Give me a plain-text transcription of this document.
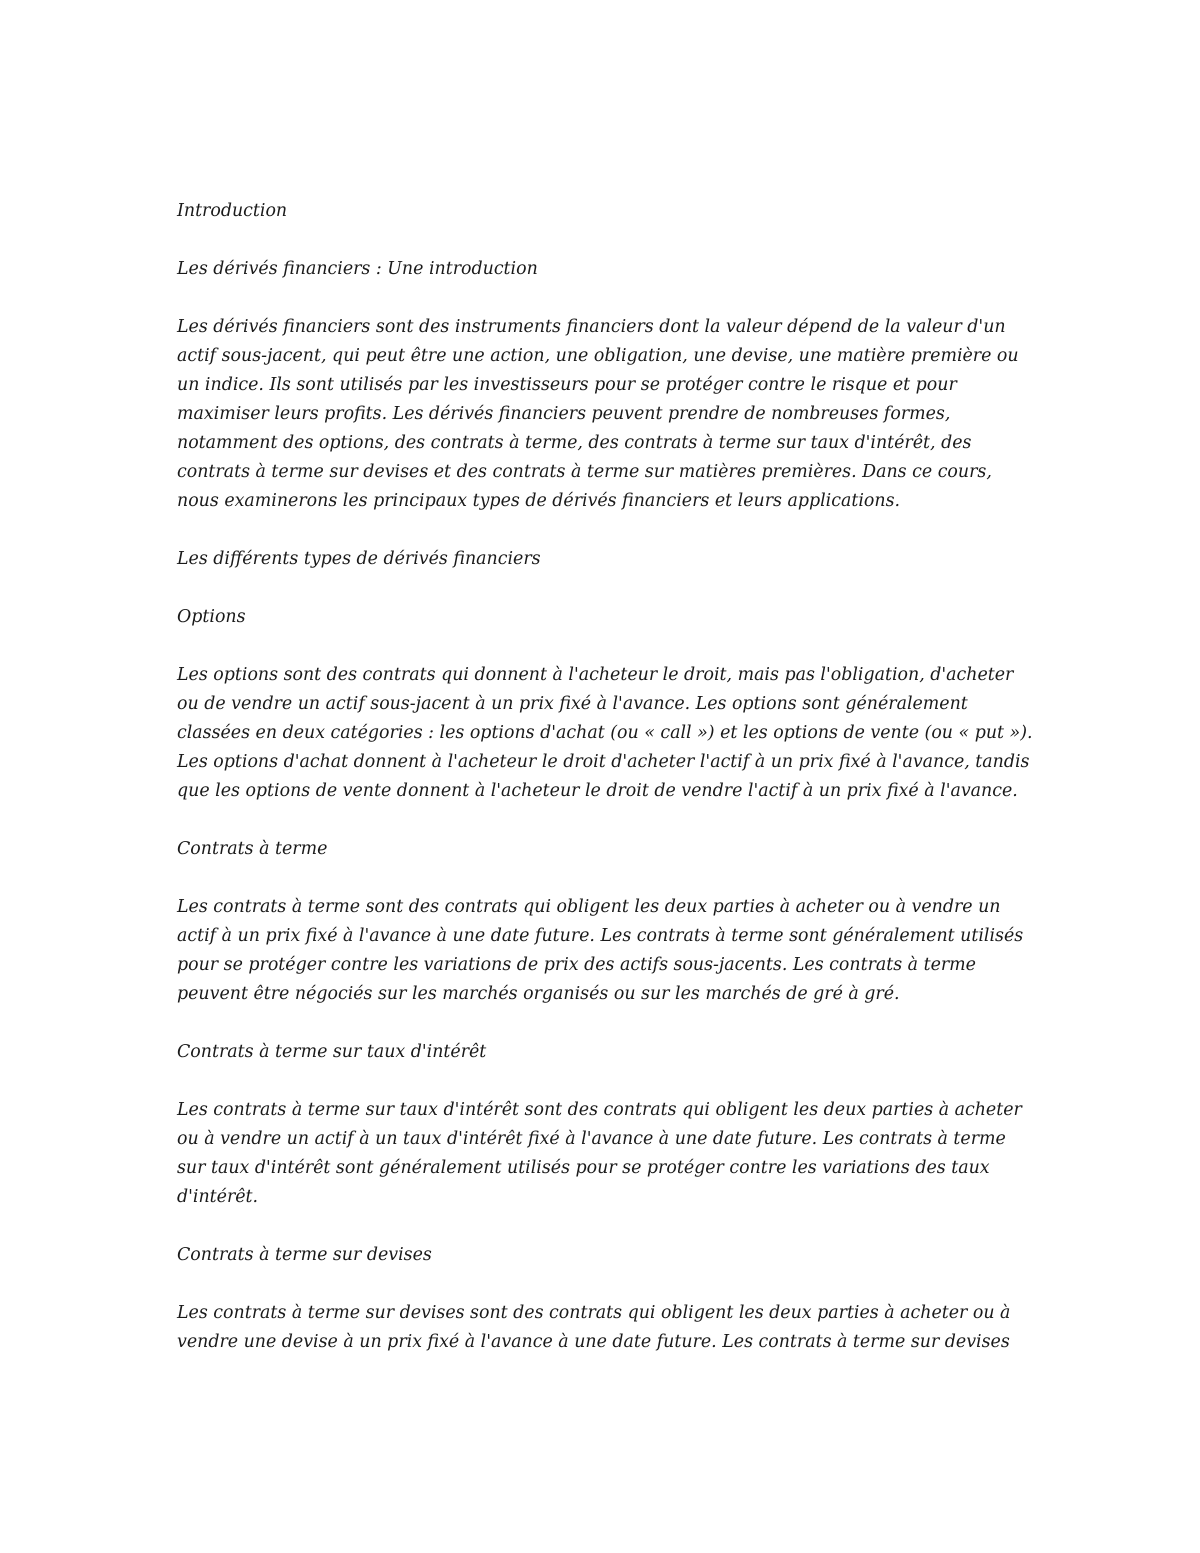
Introduction

Les dérivés financiers : Une introduction

Les dérivés financiers sont des instruments financiers dont la valeur dépend de la valeur d'un actif sous-jacent, qui peut être une action, une obligation, une devise, une matière première ou un indice. Ils sont utilisés par les investisseurs pour se protéger contre le risque et pour maximiser leurs profits. Les dérivés financiers peuvent prendre de nombreuses formes, notamment des options, des contrats à terme, des contrats à terme sur taux d'intérêt, des contrats à terme sur devises et des contrats à terme sur matières premières. Dans ce cours, nous examinerons les principaux types de dérivés financiers et leurs applications.

Les différents types de dérivés financiers

Options

Les options sont des contrats qui donnent à l'acheteur le droit, mais pas l'obligation, d'acheter ou de vendre un actif sous-jacent à un prix fixé à l'avance. Les options sont généralement classées en deux catégories : les options d'achat (ou « call ») et les options de vente (ou « put »). Les options d'achat donnent à l'acheteur le droit d'acheter l'actif à un prix fixé à l'avance, tandis que les options de vente donnent à l'acheteur le droit de vendre l'actif à un prix fixé à l'avance.

Contrats à terme

Les contrats à terme sont des contrats qui obligent les deux parties à acheter ou à vendre un actif à un prix fixé à l'avance à une date future. Les contrats à terme sont généralement utilisés pour se protéger contre les variations de prix des actifs sous-jacents. Les contrats à terme peuvent être négociés sur les marchés organisés ou sur les marchés de gré à gré.

Contrats à terme sur taux d'intérêt

Les contrats à terme sur taux d'intérêt sont des contrats qui obligent les deux parties à acheter ou à vendre un actif à un taux d'intérêt fixé à l'avance à une date future. Les contrats à terme sur taux d'intérêt sont généralement utilisés pour se protéger contre les variations des taux d'intérêt.

Contrats à terme sur devises

Les contrats à terme sur devises sont des contrats qui obligent les deux parties à acheter ou à vendre une devise à un prix fixé à l'avance à une date future. Les contrats à terme sur devises
